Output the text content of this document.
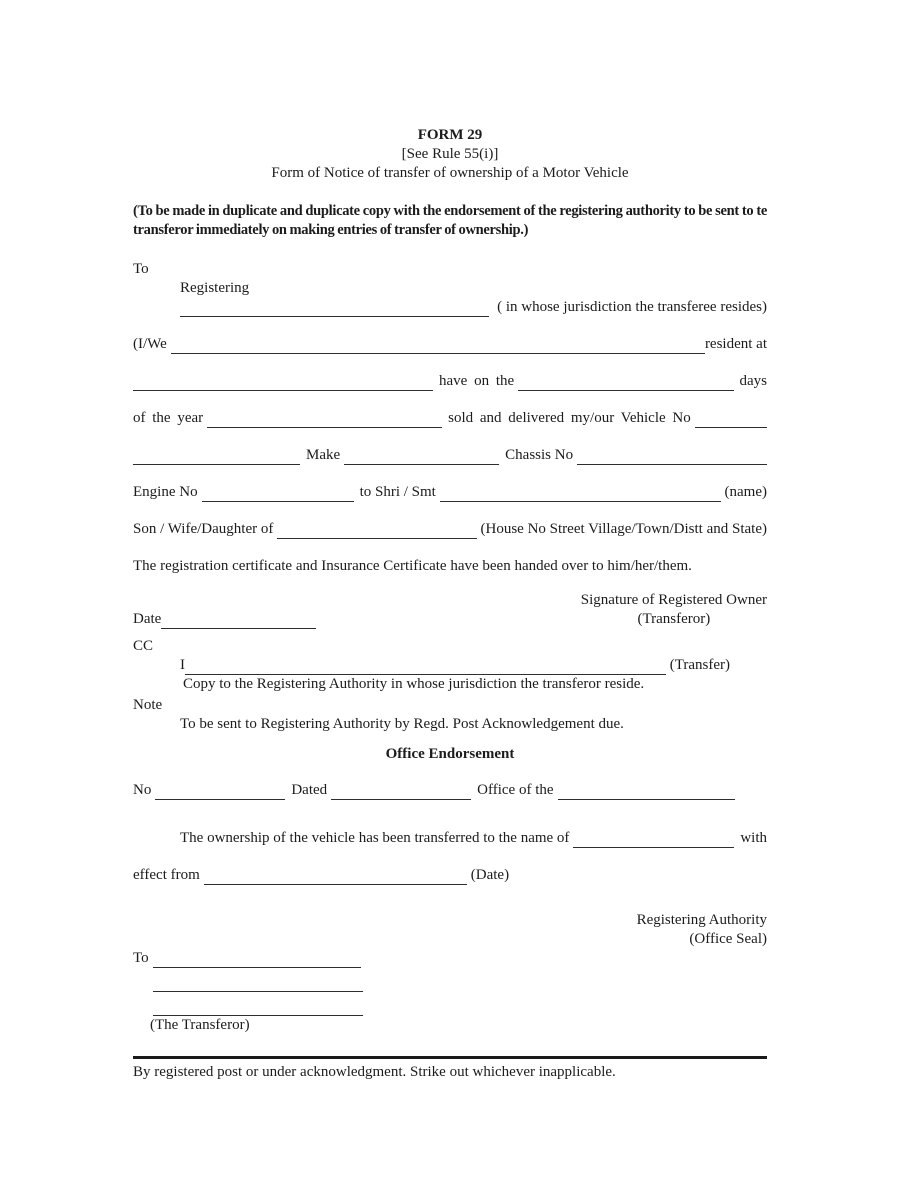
FORM 29
[See Rule 55(i)]
Form of Notice of transfer of ownership of a Motor Vehicle

(To be made in duplicate and duplicate copy with the endorsement of the registering authority to be sent to te transferor immediately on making entries of transfer of ownership.)

To
Registering
( in whose jurisdiction the transferee resides)
(I/We	resident at
have on the	days
of the year	sold and delivered my/our Vehicle No
Make	Chassis No
Engine No	to Shri / Smt	(name)
Son / Wife/Daughter of	(House No Street Village/Town/Distt and State)
The registration certificate and Insurance Certificate have been handed over to him/her/them.
Date
Signature of Registered Owner
(Transferor)
CC
I	(Transfer)
Copy to the Registering Authority in whose jurisdiction the transferor reside.
Note
To be sent to Registering Authority by Regd. Post Acknowledgement due.
Office Endorsement
No	Dated	Office of the
The ownership of the vehicle has been transferred to the name of	with
effect from	(Date)
Registering Authority
(Office Seal)
To
(The Transferor)
By registered post or under acknowledgment. Strike out whichever inapplicable.
